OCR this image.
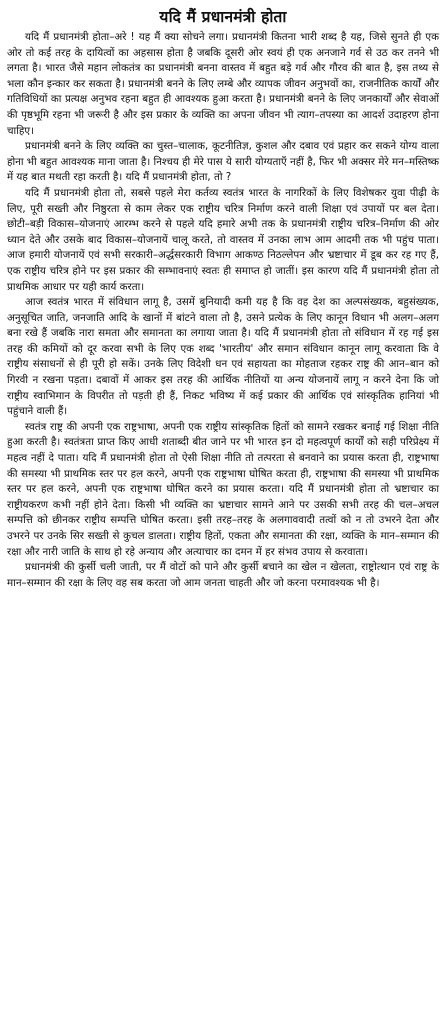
यदि मैं प्रधानमंत्री होता

यदि मैं प्रधानमंत्री होता–अरे ! यह मैं क्या सोचने लगा। प्रधानमंत्री कितना भारी शब्द है यह, जिसे सुनते ही एक ओर तो कई तरह के दायित्वों का अहसास होता है जबकि दूसरी ओर स्वयं ही एक अनजाने गर्व से उठ कर तनने भी लगता है। भारत जैसे महान लोकतंत्र का प्रधानमंत्री बनना वास्तव में बहुत बड़े गर्व और गौरव की बात है, इस तथ्य से भला कौन इन्कार कर सकता है। प्रधानमंत्री बनने के लिए लम्बे और व्यापक जीवन अनुभवों का, राजनीतिक कार्यों और गतिविधियों का प्रत्यक्ष अनुभव रहना बहुत ही आवश्यक हुआ करता है। प्रधानमंत्री बनने के लिए जनकार्यों और सेवाओं की पृष्ठभूमि रहना भी जरूरी है और इस प्रकार के व्यक्ति का अपना जीवन भी त्याग–तपस्या का आदर्श उदाहरण होना चाहिए।

प्रधानमंत्री बनने के लिए व्यक्ति का चुस्त–चालाक, कूटनीतिज्ञ, कुशल और दबाव एवं प्रहार कर सकने योग्य वाला होना भी बहुत आवश्यक माना जाता है। निश्चय ही मेरे पास ये सारी योग्यताएँ नहीं है, फिर भी अक्सर मेरे मन–मस्तिष्क में यह बात मथती रहा करती है। यदि मैं प्रधानमंत्री होता, तो ?

यदि मैं प्रधानमंत्री होता तो, सबसे पहले मेरा कर्तव्य स्वतंत्र भारत के नागरिकों के लिए विशेषकर युवा पीढ़ी के लिए, पूरी सख्ती और निष्ठुरता से काम लेकर एक राष्ट्रीय चरित्र निर्माण करने वाली शिक्षा एवं उपायों पर बल देता। छोटी–बड़ी विकास–योजनाएं आरम्भ करने से पहले यदि हमारे अभी तक के प्रधानमंत्री राष्ट्रीय चरित्र–निर्माण की ओर ध्यान देते और उसके बाद विकास–योजनायें चालू करते, तो वास्तव में उनका लाभ आम आदमी तक भी पहुंच पाता। आज हमारी योजनायें एवं सभी सरकारी–अर्द्धसरकारी विभाग आकण्ठ निठल्लेपन और भ्रष्टाचार में डूब कर रह गए हैं, एक राष्ट्रीय चरित्र होने पर इस प्रकार की सम्भावनाएं स्वतः ही समाप्त हो जातीं। इस कारण यदि मैं प्रधानमंत्री होता तो प्राथमिक आधार पर यही कार्य करता।

आज स्वतंत्र भारत में संविधान लागू है, उसमें बुनियादी कमी यह है कि वह देश का अल्पसंख्यक, बहुसंख्यक, अनुसूचित जाति, जनजाति आदि के खानों में बांटने वाला तो है, उसने प्रत्येक के लिए कानून विधान भी अलग–अलग बना रखे हैं जबकि नारा समता और समानता का लगाया जाता है। यदि मैं प्रधानमंत्री होता तो संविधान में रह गई इस तरह की कमियों को दूर करवा सभी के लिए एक शब्द 'भारतीय' और समान संविधान कानून लागू करवाता कि वे राष्ट्रीय संसाधनों से ही पूरी हो सकें। उनके लिए विदेशी धन एवं सहायता का मोहताज रहकर राष्ट्र की आन–बान को गिरवी न रखना पड़ता। दबावों में आकर इस तरह की आर्थिक नीतियों या अन्य योजनायें लागू न करने देना कि जो राष्ट्रीय स्वाभिमान के विपरीत तो पड़ती ही हैं, निकट भविष्य में कई प्रकार की आर्थिक एवं सांस्कृतिक हानियां भी पहुंचाने वाली हैं।

स्वतंत्र राष्ट्र की अपनी एक राष्ट्रभाषा, अपनी एक राष्ट्रीय सांस्कृतिक हितों को सामने रखकर बनाई गई शिक्षा नीति हुआ करती है। स्वतंत्रता प्राप्त किए आधी शताब्दी बीत जाने पर भी भारत इन दो महत्वपूर्ण कार्यों को सही परिप्रेक्ष्य में महत्व नहीं दे पाता। यदि मैं प्रधानमंत्री होता तो ऐसी शिक्षा नीति तो तत्परता से बनवाने का प्रयास करता ही, राष्ट्रभाषा की समस्या भी प्राथमिक स्तर पर हल करने, अपनी एक राष्ट्रभाषा घोषित करता ही, राष्ट्रभाषा की समस्या भी प्राथमिक स्तर पर हल करने, अपनी एक राष्ट्रभाषा घोषित करने का प्रयास करता। यदि मैं प्रधानमंत्री होता तो भ्रष्टाचार का राष्ट्रीयकरण कभी नहीं होने देता। किसी भी व्यक्ति का भ्रष्टाचार सामने आने पर उसकी सभी तरह की चल–अचल सम्पत्ति को छीनकर राष्ट्रीय सम्पत्ति घोषित करता। इसी तरह–तरह के अलगाववादी तत्वों को न तो उभरने देता और उभरने पर उनके सिर सख्ती से कुचल डालता। राष्ट्रीय हितों, एकता और समानता की रक्षा, व्यक्ति के मान–सम्मान की रक्षा और नारी जाति के साथ हो रहे अन्याय और अत्याचार का दमन में हर संभव उपाय से करवाता।

प्रधानमंत्री की कुर्सी चली जाती, पर मैं वोटों को पाने और कुर्सी बचाने का खेल न खेलता, राष्ट्रोत्थान एवं राष्ट्र के मान–सम्मान की रक्षा के लिए वह सब करता जो आम जनता चाहती और जो करना परमावश्यक भी है।
